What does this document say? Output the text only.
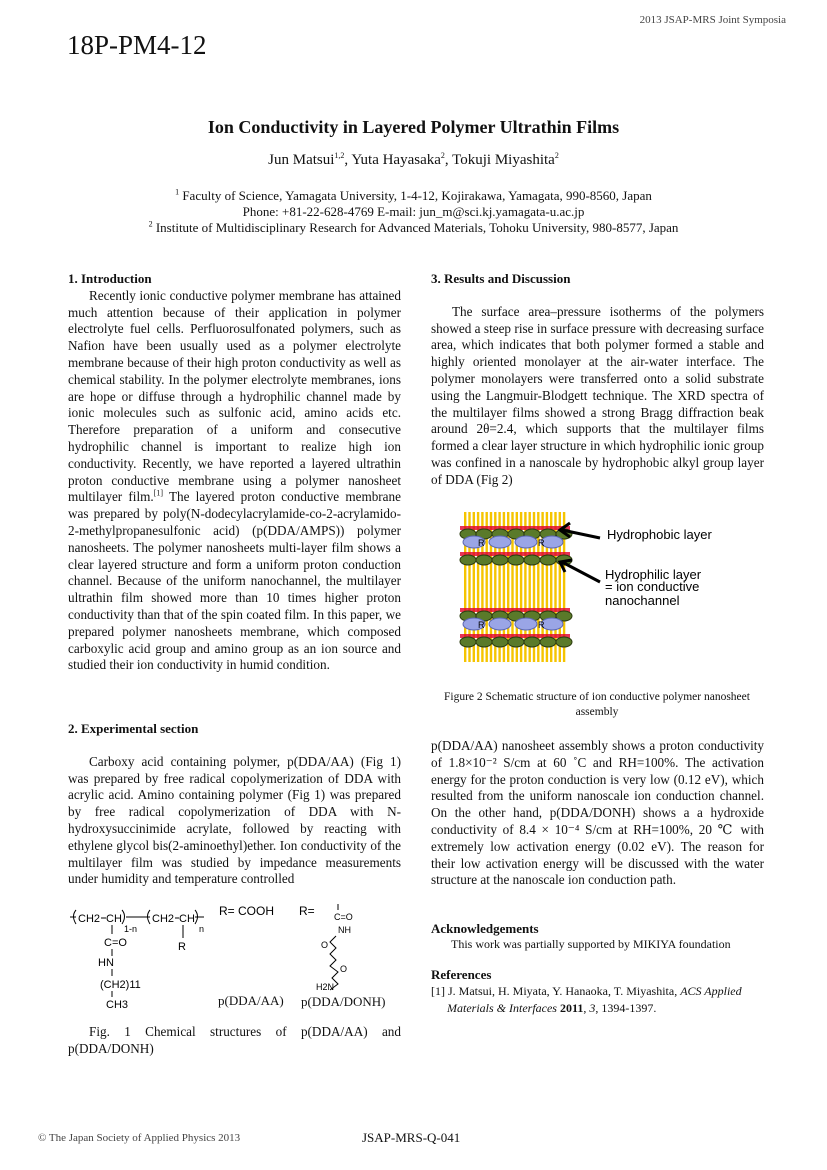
2013 JSAP-MRS Joint Symposia
18P-PM4-12
Ion Conductivity in Layered Polymer Ultrathin Films
Jun Matsui$^{1,2}$, Yuta Hayasaka$^2$, Tokuji Miyashita$^2$
$^1$ Faculty of Science, Yamagata University, 1-4-12, Kojirakawa, Yamagata, 990-8560, Japan
Phone: +81-22-628-4769 E-mail: jun_m@sci.kj.yamagata-u.ac.jp
$^2$ Institute of Multidisciplinary Research for Advanced Materials, Tohoku University, 980-8577, Japan
1. Introduction

Recently ionic conductive polymer membrane has attained much attention because of their application in polymer electrolyte fuel cells. Perfluorosulfonated polymers, such as Nafion have been usually used as a polymer electrolyte membrane because of their high proton conductivity as well as chemical stability. In the polymer electrolyte membranes, ions are hope or diffuse through a hydrophilic channel made by ionic molecules such as sulfonic acid, amino acids etc. Therefore preparation of a uniform and consecutive hydrophilic channel is important to realize high ion conductivity. Recently, we have reported a layered ultrathin proton conductive membrane using a polymer nanosheet multilayer film.[1] The layered proton conductive membrane was prepared by poly(N-dodecylacrylamide-co-2-acrylamido-2-methylpropanesulfonic acid) (p(DDA/AMPS)) polymer nanosheets. The polymer nanosheets multi-layer film shows a clear layered structure and form a uniform proton conduction channel. Because of the uniform nanochannel, the multilayer ultrathin film showed more than 10 times higher proton conductivity than that of the spin coated film. In this paper, we prepared polymer nanosheets membrane, which composed carboxylic acid group and amino group as an ion source and studied their ion conductivity in humid condition.

2. Experimental section

Carboxy acid containing polymer, p(DDA/AA) (Fig 1) was prepared by free radical copolymerization of DDA with acrylic acid. Amino containing polymer (Fig 1) was prepared by free radical copolymerization of DDA with N-hydroxysuccinimide acrylate, followed by reacting with ethylene glycol bis(2-aminoethyl)ether. Ion conductivity of the multilayer film was studied by impedance measurements under humidity and temperature controlled

CH2 CH
1-n
CH2 CH
n
C=O
HN
(CH2)11
CH3
R
R= COOH R= C=O
NH
O
O
H2N
p(DDA/AA) p(DDA/DONH)

Fig. 1 Chemical structures of p(DDA/AA) and p(DDA/DONH)

3. Results and Discussion

The surface area–pressure isotherms of the polymers showed a steep rise in surface pressure with decreasing surface area, which indicates that both polymer formed a stable and highly oriented monolayer at the air-water interface. The polymer monolayers were transferred onto a solid substrate using the Langmuir-Blodgett technique. The XRD spectra of the multilayer films showed a strong Bragg diffraction beak around 2θ=2.4, which supports that the multilayer films formed a clear layer structure in which hydrophilic ionic group was confined in a nanoscale by hydrophobic alkyl group layer of DDA (Fig 2)

R	R
R	R
Hydrophobic layer
Hydrophilic layer
= ion conductive
nanochannel
Figure 2 Schematic structure of ion conductive polymer nanosheet assembly

p(DDA/AA) nanosheet assembly shows a proton conductivity of 1.8×10⁻² S/cm at 60 ˚C and RH=100%. The activation energy for the proton conduction is very low (0.12 eV), which resulted from the uniform nanoscale ion conduction channel. On the other hand, p(DDA/DONH) shows a a hydroxide conductivity of 8.4 × 10⁻⁴ S/cm at RH=100%, 20 ℃ with extremely low activation energy (0.02 eV). The reason for their low activation energy will be discussed with the water structure at the nanoscale ion conduction path.

Acknowledgements
This work was partially supported by MIKIYA foundation
References
[1] J. Matsui, H. Miyata, Y. Hanaoka, T. Miyashita, ACS Applied Materials & Interfaces 2011, 3, 1394-1397.
© The Japan Society of Applied Physics 2013	JSAP-MRS-Q-041
